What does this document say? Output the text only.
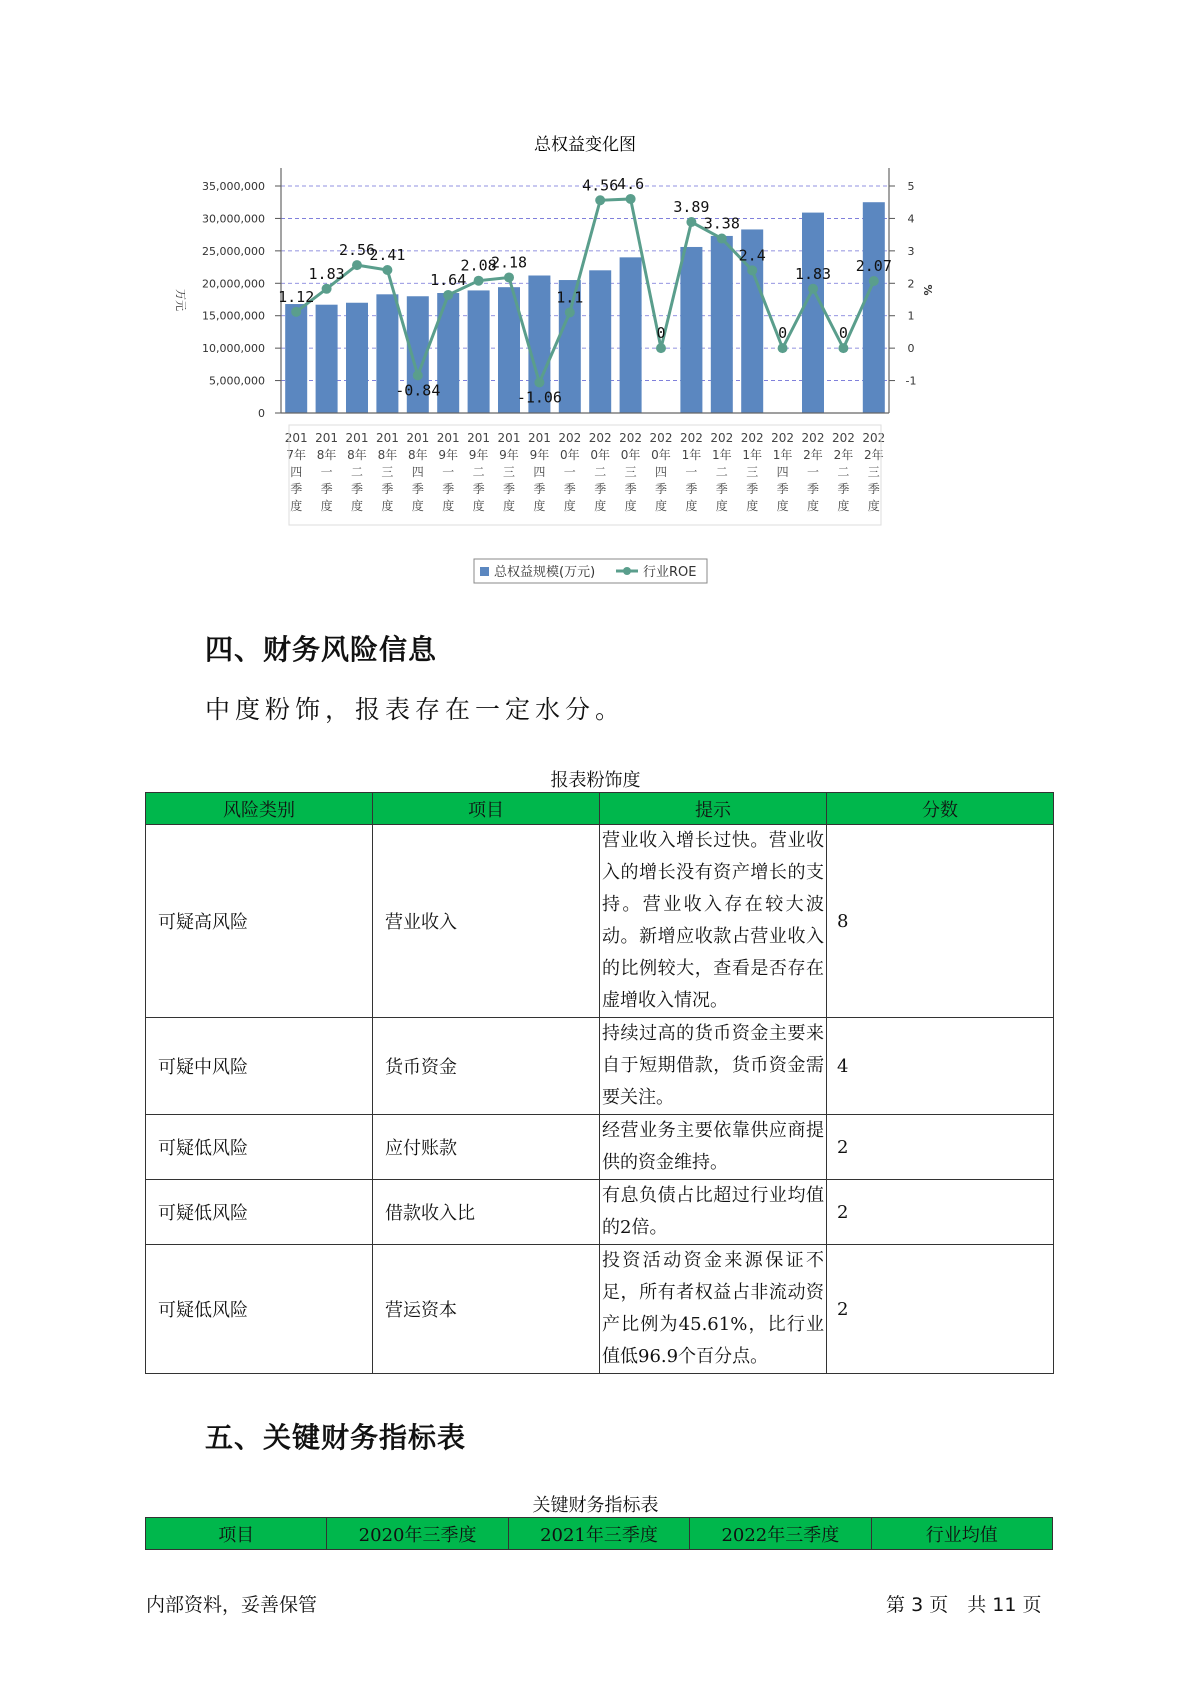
总权益变化图
0
5,000,000
10,000,000
15,000,000
20,000,000
25,000,000
30,000,000
35,000,000
-1
0
1
2
3
4
5
万元	%
1.12
1.83
2.56
2.41
-0.84
1.64
2.08
2.18
-1.06
1.1
4.56
4.6
0
3.89
3.38
2.4
0
1.83
0
2.07
201
7年
四
季
度
201
8年
一
季
度
201
8年
二
季
度
201
8年
三
季
度
201
8年
四
季
度
201
9年
一
季
度
201
9年
二
季
度
201
9年
三
季
度
201
9年
四
季
度
202
0年
一
季
度
202
0年
二
季
度
202
0年
三
季
度
202
0年
四
季
度
202
1年
一
季
度
202
1年
二
季
度
202
1年
三
季
度
202
1年
四
季
度
202
2年
一
季
度
202
2年
二
季
度
202
2年
三
季
度
总权益规模(万元)	行业ROE
四、财务风险信息
中度粉饰，报表存在一定水分。
报表粉饰度
风险类别	项目	提示	分数
可疑高风险	营业收入	营业收入增长过快。营业收入的增长没有资产增长的支持。营业收入存在较大波动。新增应收款占营业收入的比例较大，查看是否存在虚增收入情况。	8
可疑中风险	货币资金	持续过高的货币资金主要来自于短期借款，货币资金需要关注。	4
可疑低风险	应付账款	经营业务主要依靠供应商提供的资金维持。	2
可疑低风险	借款收入比	有息负债占比超过行业均值的2倍。	2
可疑低风险	营运资本	投资活动资金来源保证不足，所有者权益占非流动资产比例为45.61%，比行业值低96.9个百分点。	2
五、关键财务指标表
关键财务指标表
项目	2020年三季度	2021年三季度	2022年三季度	行业均值
内部资料，妥善保管	第 3 页　共 11 页
